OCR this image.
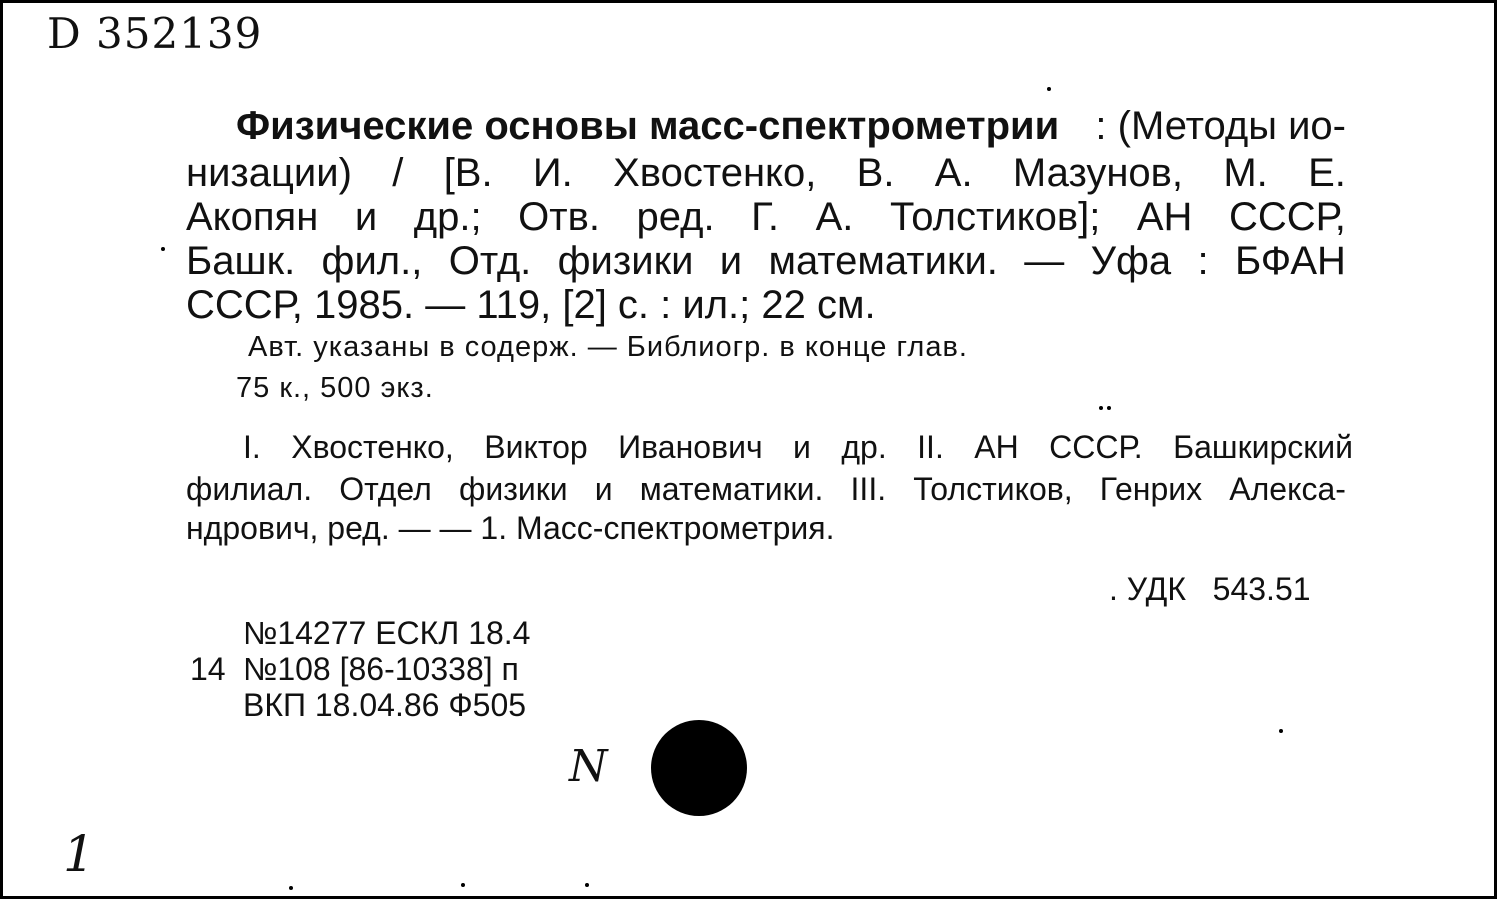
D 352139
Физические основы масс-спектрометрии : (Методы ио-
низации) / [В. И. Хвостенко, В. А. Мазунов, М. Е.
Акопян и др.; Отв. ред. Г. А. Толстиков]; АН СССР,
Башк. фил., Отд. физики и математики. — Уфа : БФАН
СССР, 1985. — 119, [2] с. : ил.; 22 см.
Авт. указаны в содерж. — Библиогр. в конце глав.
75 к., 500 экз.
I. Хвостенко, Виктор Иванович и др. II. АН СССР. Башкирский
филиал. Отдел физики и математики. III. Толстиков, Генрих Алекса-
ндрович, ред. — — 1. Масс-спектрометрия.
. УДК   543.51
№14277 ЕСКЛ 18.4
14 №108 [86-10338] п
ВКП 18.04.86 Ф505
N
1
